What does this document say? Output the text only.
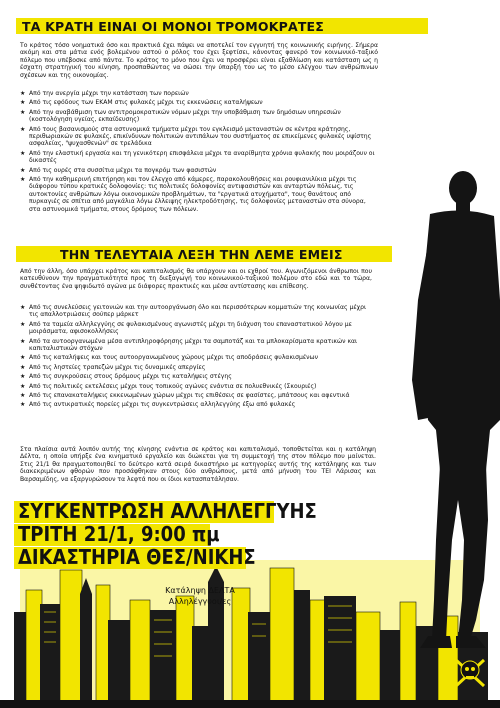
ΤΑ ΚΡΑΤΗ ΕΙΝΑΙ ΟΙ ΜΟΝΟΙ ΤΡΟΜΟΚΡΑΤΕΣ
Το κράτος τόσο νοηματικά όσο και πρακτικά έχει πάψει να αποτελεί τον εγγυητή της κοινωνικής ειρήνης. Σήμερα ακόμη και στα μάτια ενός βολεμένου αστού ο ρόλος του έχει ξεφτίσει, κάνοντας φανερό τον κοινωνικό-ταξικό πόλεμο που υπέβοσκε από πάντα. Το κράτος το μόνο που έχει να προσφέρει είναι εξαθλίωση και κατάσταση ως η έσχατη στρατηγική του κίνηση, προσπαθώντας να σώσει την ύπαρξή του ως το μέσο ελέγχου των ανθρώπινων σχέσεων και της οικονομίας.
★ Από την ανεργία μέχρι την κατάσταση των πορειών
★ Από τις εφόδους των ΕΚΑΜ στις φυλακές μέχρι τις εκκενώσεις καταλήψεων
★ Από την αναβάθμιση των αντιτρομοκρατικών νόμων μέχρι την υποβάθμιση των δημόσιων υπηρεσιών (κοστολόγηση υγείας, εκπαίδευσης)
★ Από τους βασανισμούς στα αστυνομικά τμήματα μέχρι τον εγκλεισμό μεταναστών σε κέντρα κράτησης, περιθωριακών σε φυλακές, επικίνδυνων πολιτικών αντιπάλων του συστήματος σε επικείμενες φυλακές υψίστης ασφαλείας, "ψυχασθενών" σε τρελάδικα
★ Από την ελαστική εργασία και τη γενικότερη επισφάλεια μέχρι τα αναρίθμητα χρόνια φυλακής που μοιράζουν οι δικαστές
★ Από τις ουρές στα συσσίτια μέχρι τα πογκρόμ των φασιστών
★ Από την καθημερινή επιτήρηση και τον έλεγχο από κάμερες, παρακολουθήσεις και ρουφιανιλίκια μέχρι τις διάφορου τύπου κρατικές δολοφονίες: τις πολιτικές δολοφονίες αντιφασιστών και ανταρτών πόλεως, τις αυτοκτονίες ανθρώπων λόγω οικονομικών προβλημάτων, τα "εργατικά ατυχήματα", τους θανάτους από πυρκαγιές σε σπίτια από μαγκάλια λόγω έλλειψης ηλεκτροδότησης, τις δολοφονίες μεταναστών στα σύνορα, στα αστυνομικά τμήματα, στους δρόμους των πόλεων.
ΤΗΝ ΤΕΛΕΥΤΑΙΑ ΛΕΞΗ ΤΗΝ ΛΕΜΕ ΕΜΕΙΣ
Από την άλλη, όσο υπάρχει κράτος και καπιταλισμός θα υπάρχουν και οι εχθροί του. Αγωνιζόμενοι άνθρωποι που κατευθύνουν την πραγματικότητα προς τη διεξαγωγή του κοινωνικού-ταξικού πολέμου στο εδώ και το τώρα, συνθέτοντας ένα ψηφιδωτό αγώνα με διάφορες πρακτικές και μέσα αντίστασης και επίθεσης.
★ Από τις συνελεύσεις γειτονιών και την αυτοοργάνωση όλο και περισσότερων κομματιών της κοινωνίας μέχρι τις απαλλοτριώσεις σούπερ μάρκετ
★ Από τα ταμεία αλληλεγγύης σε φυλακισμένους αγωνιστές μέχρι τη διάχυση του επαναστατικού λόγου με μοιράσματα, αφισοκολλήσεις
★ Από τα αυτοοργανωμένα μέσα αντιπληροφόρησης μέχρι τα σαμποτάζ και τα μπλοκαρίσματα κρατικών και καπιταλιστικών στόχων
★ Από τις καταλήψεις και τους αυτοοργανωμένους χώρους μέχρι τις αποδράσεις φυλακισμένων
★ Από τις ληστείες τραπεζών μέχρι τις δυναμικές απεργίες
★ Από τις συγκρούσεις στους δρόμους μέχρι τις καταλήψεις στέγης
★ Από τις πολιτικές εκτελέσεις μέχρι τους τοπικούς αγώνες ενάντια σε πολυεθνικές (Σκουριές)
★ Από τις επανακαταλήψεις εκκενωμένων χώρων μέχρι τις επιθέσεις σε φασίστες, μπάτσους και αφεντικά
★ Από τις αντικρατικές πορείες μέχρι τις συγκεντρώσεις αλληλεγγύης έξω από φυλακές
Στα πλαίσια αυτά λοιπόν αυτής της κίνησης ενάντια σε κράτος και καπιταλισμό, τοποθετείται και η κατάληψη Δέλτα, η οποία υπήρξε ένα κινηματικό εργαλείο και διώκεται για τη συμμετοχή της στον πόλεμο που μαίνεται. Στις 21/1 θα πραγματοποιηθεί το δεύτερο κατά σειρά δικαστήριο με κατηγορίες αυτής της κατάληψης και των διακεκριμένων φθορών που προσάφθηκαν στους δύο ανθρώπους, μετά από μήνυση του ΤΕΙ Λάρισας και Βαρσαμίδης, να εξαργυρώσουν τα λεφτά που οι ίδιοι κατασπατάλησαν.
ΣΥΓΚΕΝΤΡΩΣΗ ΑΛΛΗΛΕΓΓΥΗΣ
ΤΡΙΤΗ 21/1, 9:00 πμ
ΔΙΚΑΣΤΗΡΙΑ ΘΕΣ/ΝΙΚΗΣ
Κατάληψη ΔΕΛΤΑ
Αλληλέγγυοι/ες
